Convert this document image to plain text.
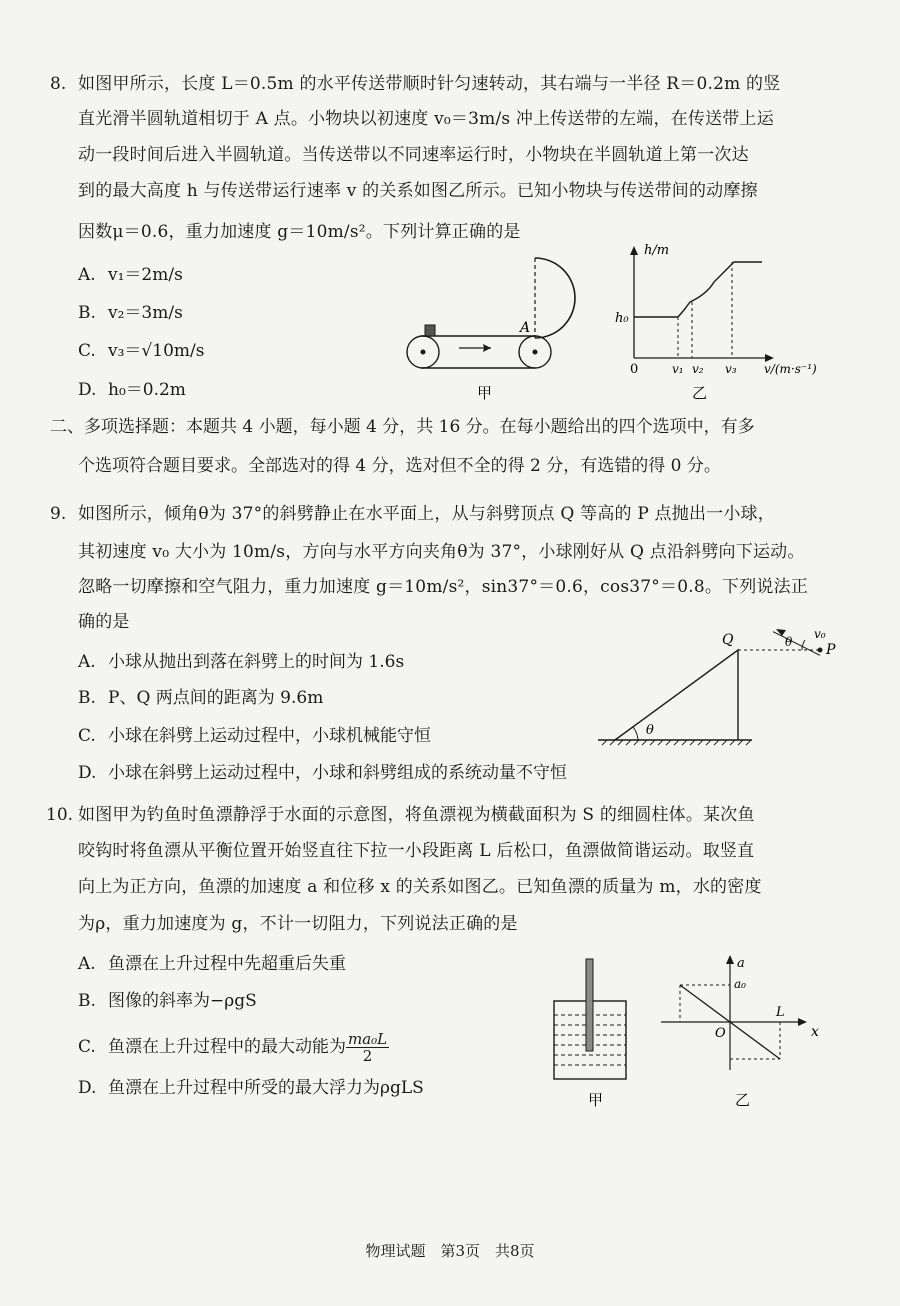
8. 如图甲所示，长度 L＝0.5m 的水平传送带顺时针匀速转动，其右端与一半径 R＝0.2m 的竖
直光滑半圆轨道相切于 A 点。小物块以初速度 v₀＝3m/s 冲上传送带的左端，在传送带上运
动一段时间后进入半圆轨道。当传送带以不同速率运行时，小物块在半圆轨道上第一次达
到的最大高度 h 与传送带运行速率 v 的关系如图乙所示。已知小物块与传送带间的动摩擦
因数μ＝0.6，重力加速度 g＝10m/s²。下列计算正确的是
A. v₁＝2m/s
B. v₂＝3m/s
C. v₃＝√10m/s
D. h₀＝0.2m
A
甲
h/m
h₀
0	v₁ v₂ v₃ v/(m·s⁻¹)
乙
二、多项选择题：本题共 4 小题，每小题 4 分，共 16 分。在每小题给出的四个选项中，有多
个选项符合题目要求。全部选对的得 4 分，选对但不全的得 2 分，有选错的得 0 分。
9. 如图所示，倾角θ为 37°的斜劈静止在水平面上，从与斜劈顶点 Q 等高的 P 点抛出一小球，
其初速度 v₀ 大小为 10m/s，方向与水平方向夹角θ为 37°，小球刚好从 Q 点沿斜劈向下运动。
忽略一切摩擦和空气阻力，重力加速度 g＝10m/s²，sin37°＝0.6，cos37°＝0.8。下列说法正
确的是
A. 小球从抛出到落在斜劈上的时间为 1.6s
B. P、Q 两点间的距离为 9.6m
C. 小球在斜劈上运动过程中，小球机械能守恒
D. 小球在斜劈上运动过程中，小球和斜劈组成的系统动量不守恒
θ
θ
v₀
P
Q
10. 如图甲为钓鱼时鱼漂静浮于水面的示意图，将鱼漂视为横截面积为 S 的细圆柱体。某次鱼
咬钩时将鱼漂从平衡位置开始竖直往下拉一小段距离 L 后松口，鱼漂做简谐运动。取竖直
向上为正方向，鱼漂的加速度 a 和位移 x 的关系如图乙。已知鱼漂的质量为 m，水的密度
为ρ，重力加速度为 g，不计一切阻力，下列说法正确的是
A. 鱼漂在上升过程中先超重后失重
B. 图像的斜率为−ρgS
C. 鱼漂在上升过程中的最大动能为 $\frac{\text{ma₀L}}{2}$
D. 鱼漂在上升过程中所受的最大浮力为ρgLS
甲
a
a₀
O
L
x
乙
物理试题　第3页　共8页
